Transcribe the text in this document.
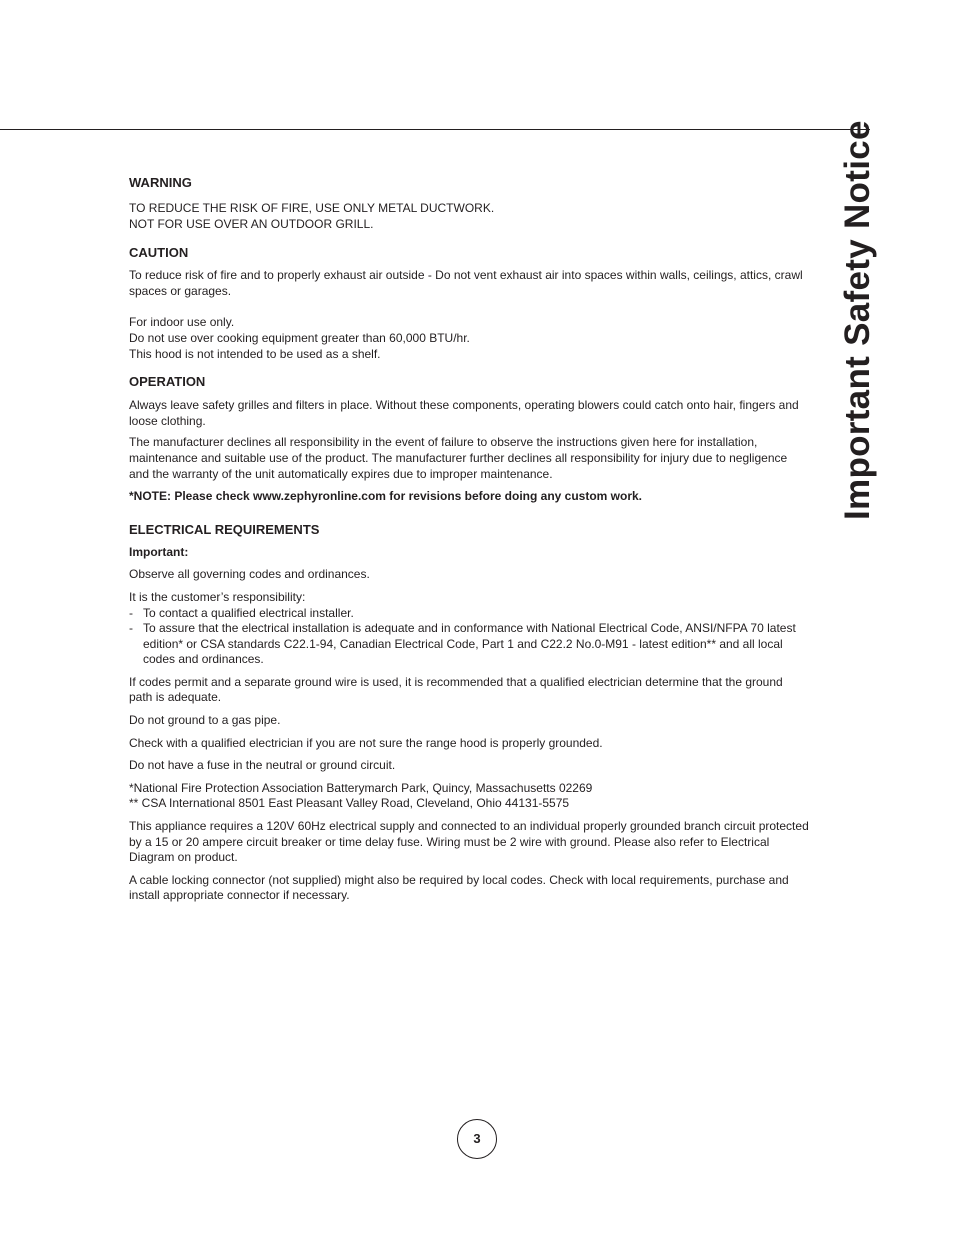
Important Safety Notice

WARNING

TO REDUCE THE RISK OF FIRE, USE ONLY METAL DUCTWORK.

NOT FOR USE OVER AN OUTDOOR GRILL.

CAUTION

To reduce risk of fire and to properly exhaust air outside - Do not vent exhaust air into spaces within walls, ceilings, attics, crawl spaces or garages.

For indoor use only.

Do not use over cooking equipment greater than 60,000 BTU/hr.

This hood is not intended to be used as a shelf.

OPERATION

Always leave safety grilles and filters in place. Without these components, operating blowers could catch onto hair, fingers and loose clothing.

The manufacturer declines all responsibility in the event of failure to observe the instructions given here for installation, maintenance and suitable use of the product. The manufacturer further declines all responsibility for injury due to negligence and the warranty of the unit automatically expires due to improper maintenance.

*NOTE: Please check www.zephyronline.com for revisions before doing any custom work.

ELECTRICAL REQUIREMENTS

Important:

Observe all governing codes and ordinances.

It is the customer’s responsibility:

- To contact a qualified electrical installer.
- To assure that the electrical installation is adequate and in conformance with National Electrical Code, ANSI/NFPA 70 latest edition* or CSA standards C22.1-94, Canadian Electrical Code, Part 1 and C22.2 No.0-M91 - latest edition** and all local codes and ordinances.

If codes permit and a separate ground wire is used, it is recommended that a qualified electrician determine that the ground path is adequate.

Do not ground to a gas pipe.

Check with a qualified electrician if you are not sure the range hood is properly grounded.

Do not have a fuse in the neutral or ground circuit.

*National Fire Protection Association Batterymarch Park, Quincy, Massachusetts 02269

** CSA International 8501 East Pleasant Valley Road, Cleveland, Ohio 44131-5575

This appliance requires a 120V 60Hz electrical supply and connected to an individual properly grounded branch circuit protected by a 15 or 20 ampere circuit breaker or time delay fuse. Wiring must be 2 wire with ground. Please also refer to Electrical Diagram on product.

A cable locking connector (not supplied) might also be required by local codes. Check with local requirements, purchase and install appropriate connector if necessary.

3
